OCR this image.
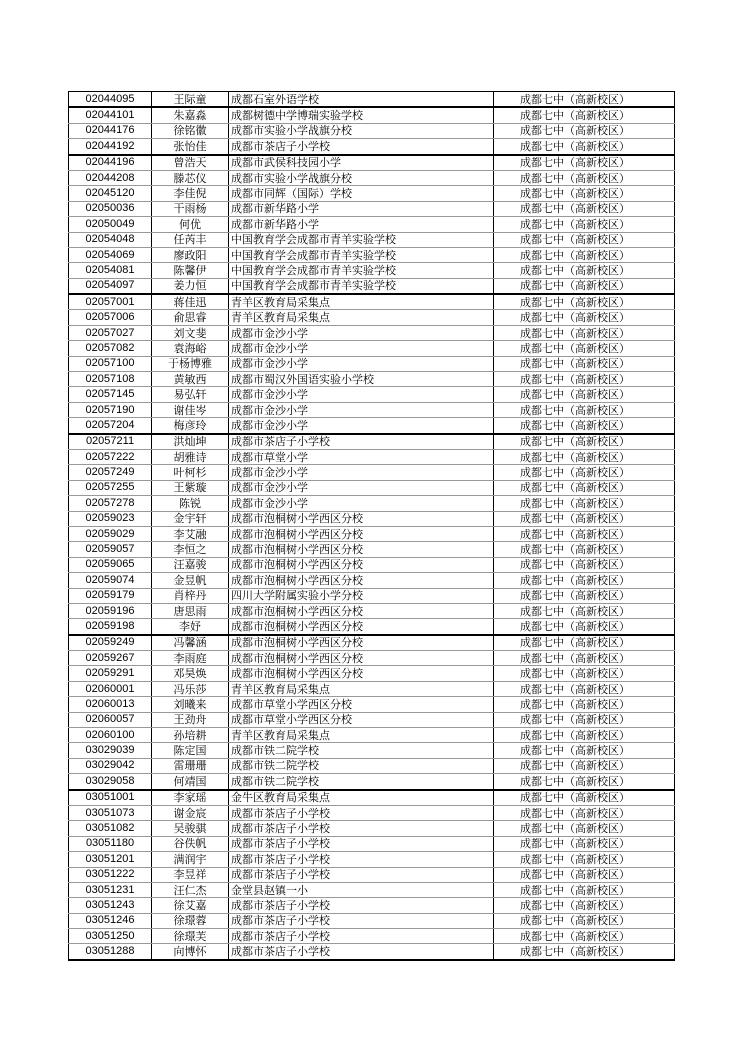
02044095	王际童	成都石室外语学校	成都七中（高新校区）
02044101	朱嘉淼	成都树德中学博瑞实验学校	成都七中（高新校区）
02044176	徐铭徽	成都市实验小学战旗分校	成都七中（高新校区）
02044192	张怡佳	成都市茶店子小学校	成都七中（高新校区）
02044196	曾浩天	成都市武侯科技园小学	成都七中（高新校区）
02044208	滕芯仪	成都市实验小学战旗分校	成都七中（高新校区）
02045120	李佳倪	成都市同辉（国际）学校	成都七中（高新校区）
02050036	干雨杨	成都市新华路小学	成都七中（高新校区）
02050049	何优	成都市新华路小学	成都七中（高新校区）
02054048	任芮丰	中国教育学会成都市青羊实验学校	成都七中（高新校区）
02054069	廖政阳	中国教育学会成都市青羊实验学校	成都七中（高新校区）
02054081	陈馨伊	中国教育学会成都市青羊实验学校	成都七中（高新校区）
02054097	姜力恒	中国教育学会成都市青羊实验学校	成都七中（高新校区）
02057001	蒋佳迅	青羊区教育局采集点	成都七中（高新校区）
02057006	俞思睿	青羊区教育局采集点	成都七中（高新校区）
02057027	刘文斐	成都市金沙小学	成都七中（高新校区）
02057082	袁海峪	成都市金沙小学	成都七中（高新校区）
02057100	于杨博雅	成都市金沙小学	成都七中（高新校区）
02057108	黄敏西	成都市蜀汉外国语实验小学校	成都七中（高新校区）
02057145	易弘轩	成都市金沙小学	成都七中（高新校区）
02057190	谢佳岑	成都市金沙小学	成都七中（高新校区）
02057204	梅彦玲	成都市金沙小学	成都七中（高新校区）
02057211	洪灿坤	成都市茶店子小学校	成都七中（高新校区）
02057222	胡雅诗	成都市草堂小学	成都七中（高新校区）
02057249	叶柯杉	成都市金沙小学	成都七中（高新校区）
02057255	王紫璇	成都市金沙小学	成都七中（高新校区）
02057278	陈锐	成都市金沙小学	成都七中（高新校区）
02059023	金宇轩	成都市泡桐树小学西区分校	成都七中（高新校区）
02059029	李艾融	成都市泡桐树小学西区分校	成都七中（高新校区）
02059057	李恒之	成都市泡桐树小学西区分校	成都七中（高新校区）
02059065	汪嘉骏	成都市泡桐树小学西区分校	成都七中（高新校区）
02059074	金昱帆	成都市泡桐树小学西区分校	成都七中（高新校区）
02059179	肖梓丹	四川大学附属实验小学分校	成都七中（高新校区）
02059196	唐思雨	成都市泡桐树小学西区分校	成都七中（高新校区）
02059198	李妤	成都市泡桐树小学西区分校	成都七中（高新校区）
02059249	冯馨涵	成都市泡桐树小学西区分校	成都七中（高新校区）
02059267	李雨庭	成都市泡桐树小学西区分校	成都七中（高新校区）
02059291	邓昊焕	成都市泡桐树小学西区分校	成都七中（高新校区）
02060001	冯乐莎	青羊区教育局采集点	成都七中（高新校区）
02060013	刘曦来	成都市草堂小学西区分校	成都七中（高新校区）
02060057	王劲舟	成都市草堂小学西区分校	成都七中（高新校区）
02060100	孙培耕	青羊区教育局采集点	成都七中（高新校区）
03029039	陈定国	成都市铁二院学校	成都七中（高新校区）
03029042	雷珊珊	成都市铁二院学校	成都七中（高新校区）
03029058	何靖国	成都市铁二院学校	成都七中（高新校区）
03051001	李家瑶	金牛区教育局采集点	成都七中（高新校区）
03051073	谢金宸	成都市茶店子小学校	成都七中（高新校区）
03051082	吴骏骐	成都市茶店子小学校	成都七中（高新校区）
03051180	谷佚帆	成都市茶店子小学校	成都七中（高新校区）
03051201	满润宇	成都市茶店子小学校	成都七中（高新校区）
03051222	李昱祥	成都市茶店子小学校	成都七中（高新校区）
03051231	汪仁杰	金堂县赵镇一小	成都七中（高新校区）
03051243	徐艾嘉	成都市茶店子小学校	成都七中（高新校区）
03051246	徐璟蓉	成都市茶店子小学校	成都七中（高新校区）
03051250	徐璟芙	成都市茶店子小学校	成都七中（高新校区）
03051288	向博怀	成都市茶店子小学校	成都七中（高新校区）
